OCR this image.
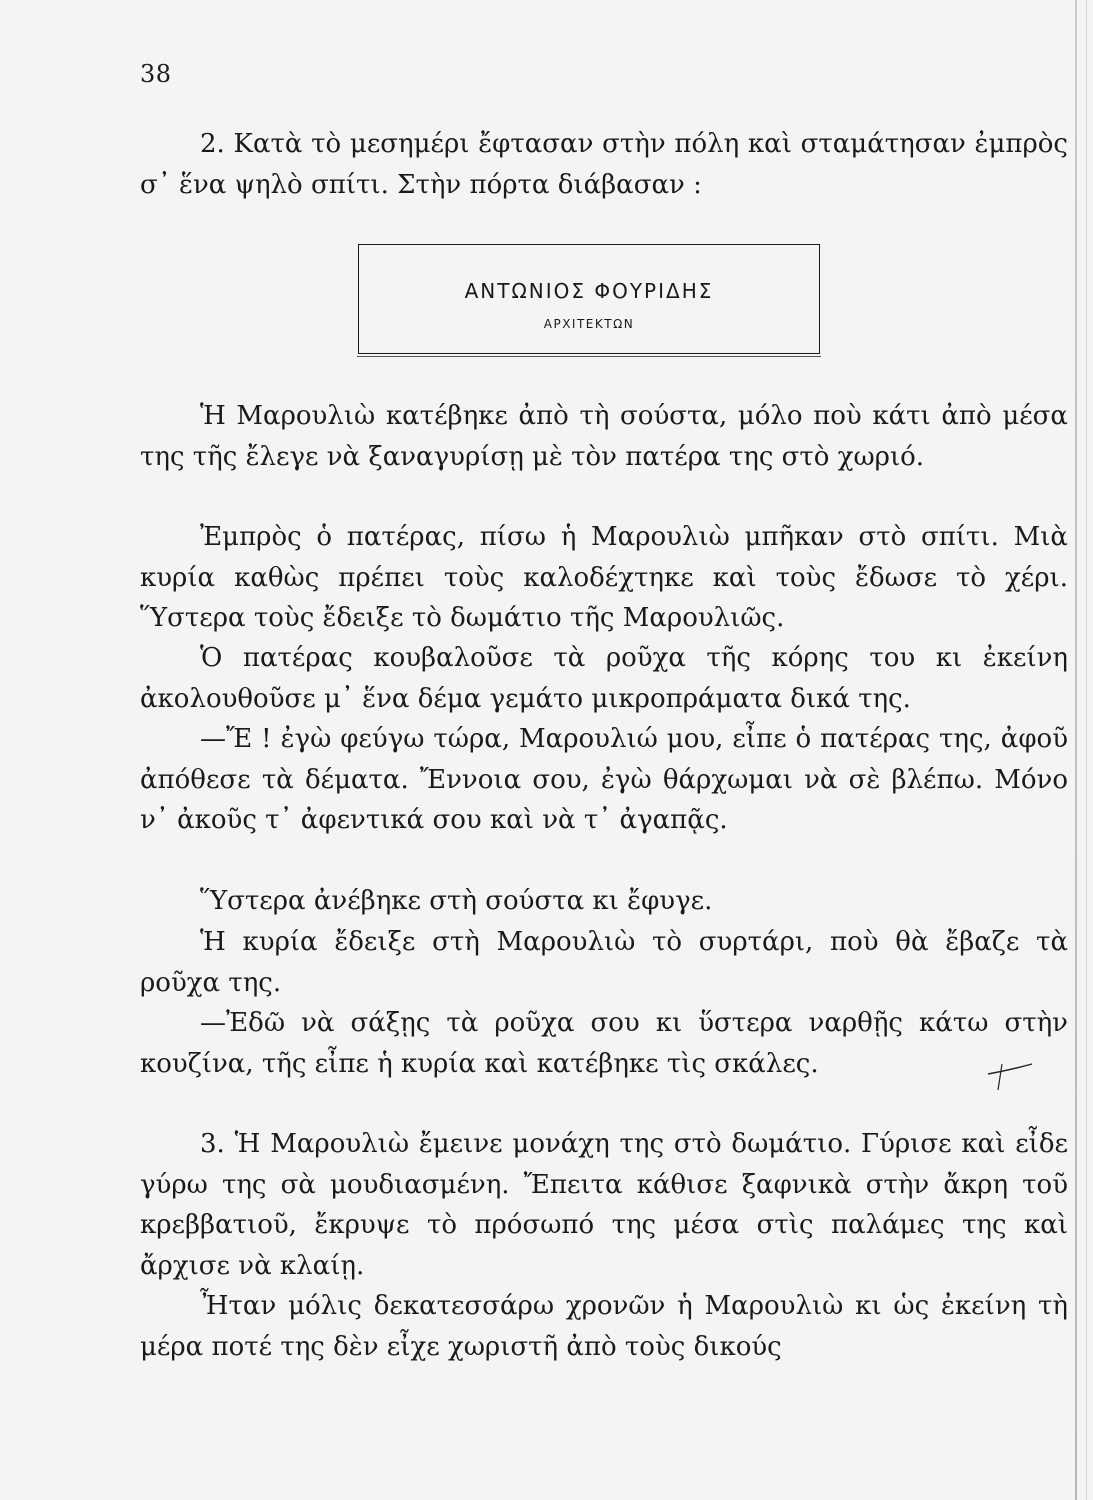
38

2. Κατὰ τὸ μεσημέρι ἔφτασαν στὴν πόλη καὶ σταμάτησαν ἐμπρὸς σ᾿ ἕνα ψηλὸ σπίτι. Στὴν πόρτα διάβασαν :

ΑΝΤΩΝΙΟΣ ΦΟΥΡΙΔΗΣ
ΑΡΧΙΤΕΚΤΩΝ

Ἡ Μαρουλιὼ κατέβηκε ἀπὸ τὴ σούστα, μόλο ποὺ κάτι ἀπὸ μέσα της τῆς ἔλεγε νὰ ξαναγυρίσῃ μὲ τὸν πατέρα της στὸ χωριό.

Ἐμπρὸς ὁ πατέρας, πίσω ἡ Μαρουλιὼ μπῆκαν στὸ σπίτι. Μιὰ κυρία καθὼς πρέπει τοὺς καλοδέχτηκε καὶ τοὺς ἔδωσε τὸ χέρι. Ὕστερα τοὺς ἔδειξε τὸ δωμάτιο τῆς Μαρουλιῶς.

Ὁ πατέρας κουβαλοῦσε τὰ ροῦχα τῆς κόρης του κι ἐκείνη ἀκολουθοῦσε μ᾿ ἕνα δέμα γεμάτο μικροπράματα δικά της.

—Ἔ ! ἐγὼ φεύγω τώρα, Μαρουλιώ μου, εἶπε ὁ πατέρας της, ἀφοῦ ἀπόθεσε τὰ δέματα. Ἔννοια σου, ἐγὼ θάρχωμαι νὰ σὲ βλέπω. Μόνο ν᾿ ἀκοῦς τ᾿ ἀφεντικά σου καὶ νὰ τ᾿ ἀγαπᾷς.

Ὕστερα ἀνέβηκε στὴ σούστα κι ἔφυγε.

Ἡ κυρία ἔδειξε στὴ Μαρουλιὼ τὸ συρτάρι, ποὺ θὰ ἔβαζε τὰ ροῦχα της.

—Ἐδῶ νὰ σάξῃς τὰ ροῦχα σου κι ὕστερα ναρθῇς κάτω στὴν κουζίνα, τῆς εἶπε ἡ κυρία καὶ κατέβηκε τὶς σκάλες.

3. Ἡ Μαρουλιὼ ἔμεινε μονάχη της στὸ δωμάτιο. Γύρισε καὶ εἶδε γύρω της σὰ μουδιασμένη. Ἔπειτα κάθισε ξαφνικὰ στὴν ἄκρη τοῦ κρεββατιοῦ, ἔκρυψε τὸ πρόσωπό της μέσα στὶς παλάμες της καὶ ἄρχισε νὰ κλαίῃ.

Ἦταν μόλις δεκατεσσάρω χρονῶν ἡ Μαρουλιὼ κι ὡς ἐκείνη τὴ μέρα ποτέ της δὲν εἶχε χωριστῆ ἀπὸ τοὺς δικούς
